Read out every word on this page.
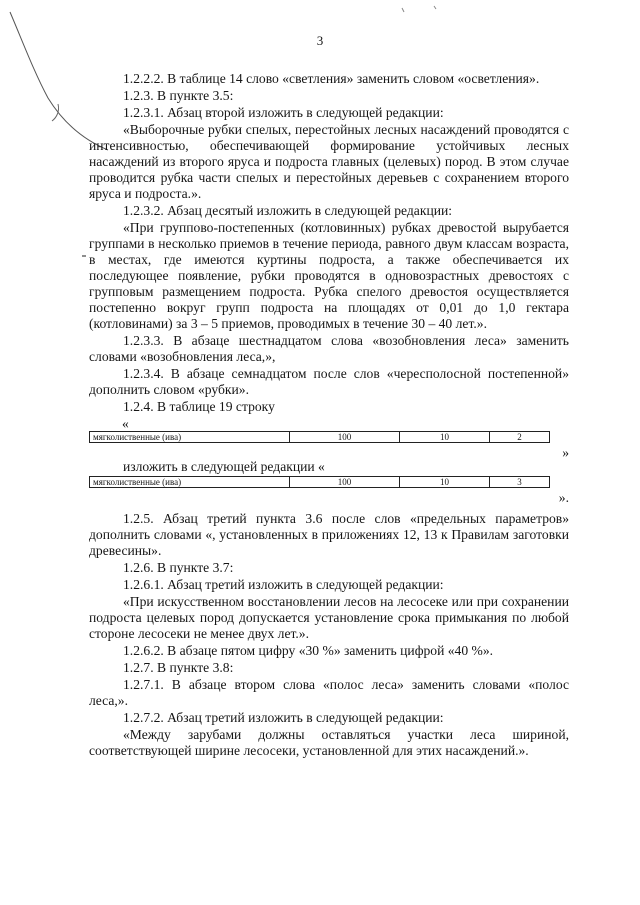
3

1.2.2.2. В таблице 14 слово «светления» заменить словом «осветления».

1.2.3. В пункте 3.5:

1.2.3.1. Абзац второй изложить в следующей редакции:

«Выборочные рубки спелых, перестойных лесных насаждений проводятся с интенсивностью, обеспечивающей формирование устойчивых лесных насаждений из второго яруса и подроста главных (целевых) пород. В этом случае проводится рубка части спелых и перестойных деревьев с сохранением второго яруса и подроста.».

1.2.3.2. Абзац десятый изложить в следующей редакции:

«При группово-постепенных (котловинных) рубках древостой вырубается группами в несколько приемов в течение периода, равного двум классам возраста, в местах, где имеются куртины подроста, а также обеспечивается их последующее появление, рубки проводятся в одновозрастных древостоях с групповым размещением подроста. Рубка спелого древостоя осуществляется постепенно вокруг групп подроста на площадях от 0,01 до 1,0 гектара (котловинами) за 3 – 5 приемов, проводимых в течение 30 – 40 лет.».

1.2.3.3. В абзаце шестнадцатом слова «возобновления леса» заменить словами «возобновления леса,»,

1.2.3.4. В абзаце семнадцатом после слов «чересполосной постепенной» дополнить словом «рубки».

1.2.4. В таблице 19 строку

«
мягколиственные (ива)	100	10	2
»
изложить в следующей редакции «
мягколиственные (ива)	100	10	3
».

1.2.5. Абзац третий пункта 3.6 после слов «предельных параметров» дополнить словами «, установленных в приложениях 12, 13 к Правилам заготовки древесины».

1.2.6. В пункте 3.7:

1.2.6.1. Абзац третий изложить в следующей редакции:

«При искусственном восстановлении лесов на лесосеке или при сохранении подроста целевых пород допускается установление срока примыкания по любой стороне лесосеки не менее двух лет.».

1.2.6.2. В абзаце пятом цифру «30 %» заменить цифрой «40 %».

1.2.7. В пункте 3.8:

1.2.7.1. В абзаце втором слова «полос леса» заменить словами «полос леса,».

1.2.7.2. Абзац третий изложить в следующей редакции:

«Между зарубами должны оставляться участки леса шириной, соответствующей ширине лесосеки, установленной для этих насаждений.».
